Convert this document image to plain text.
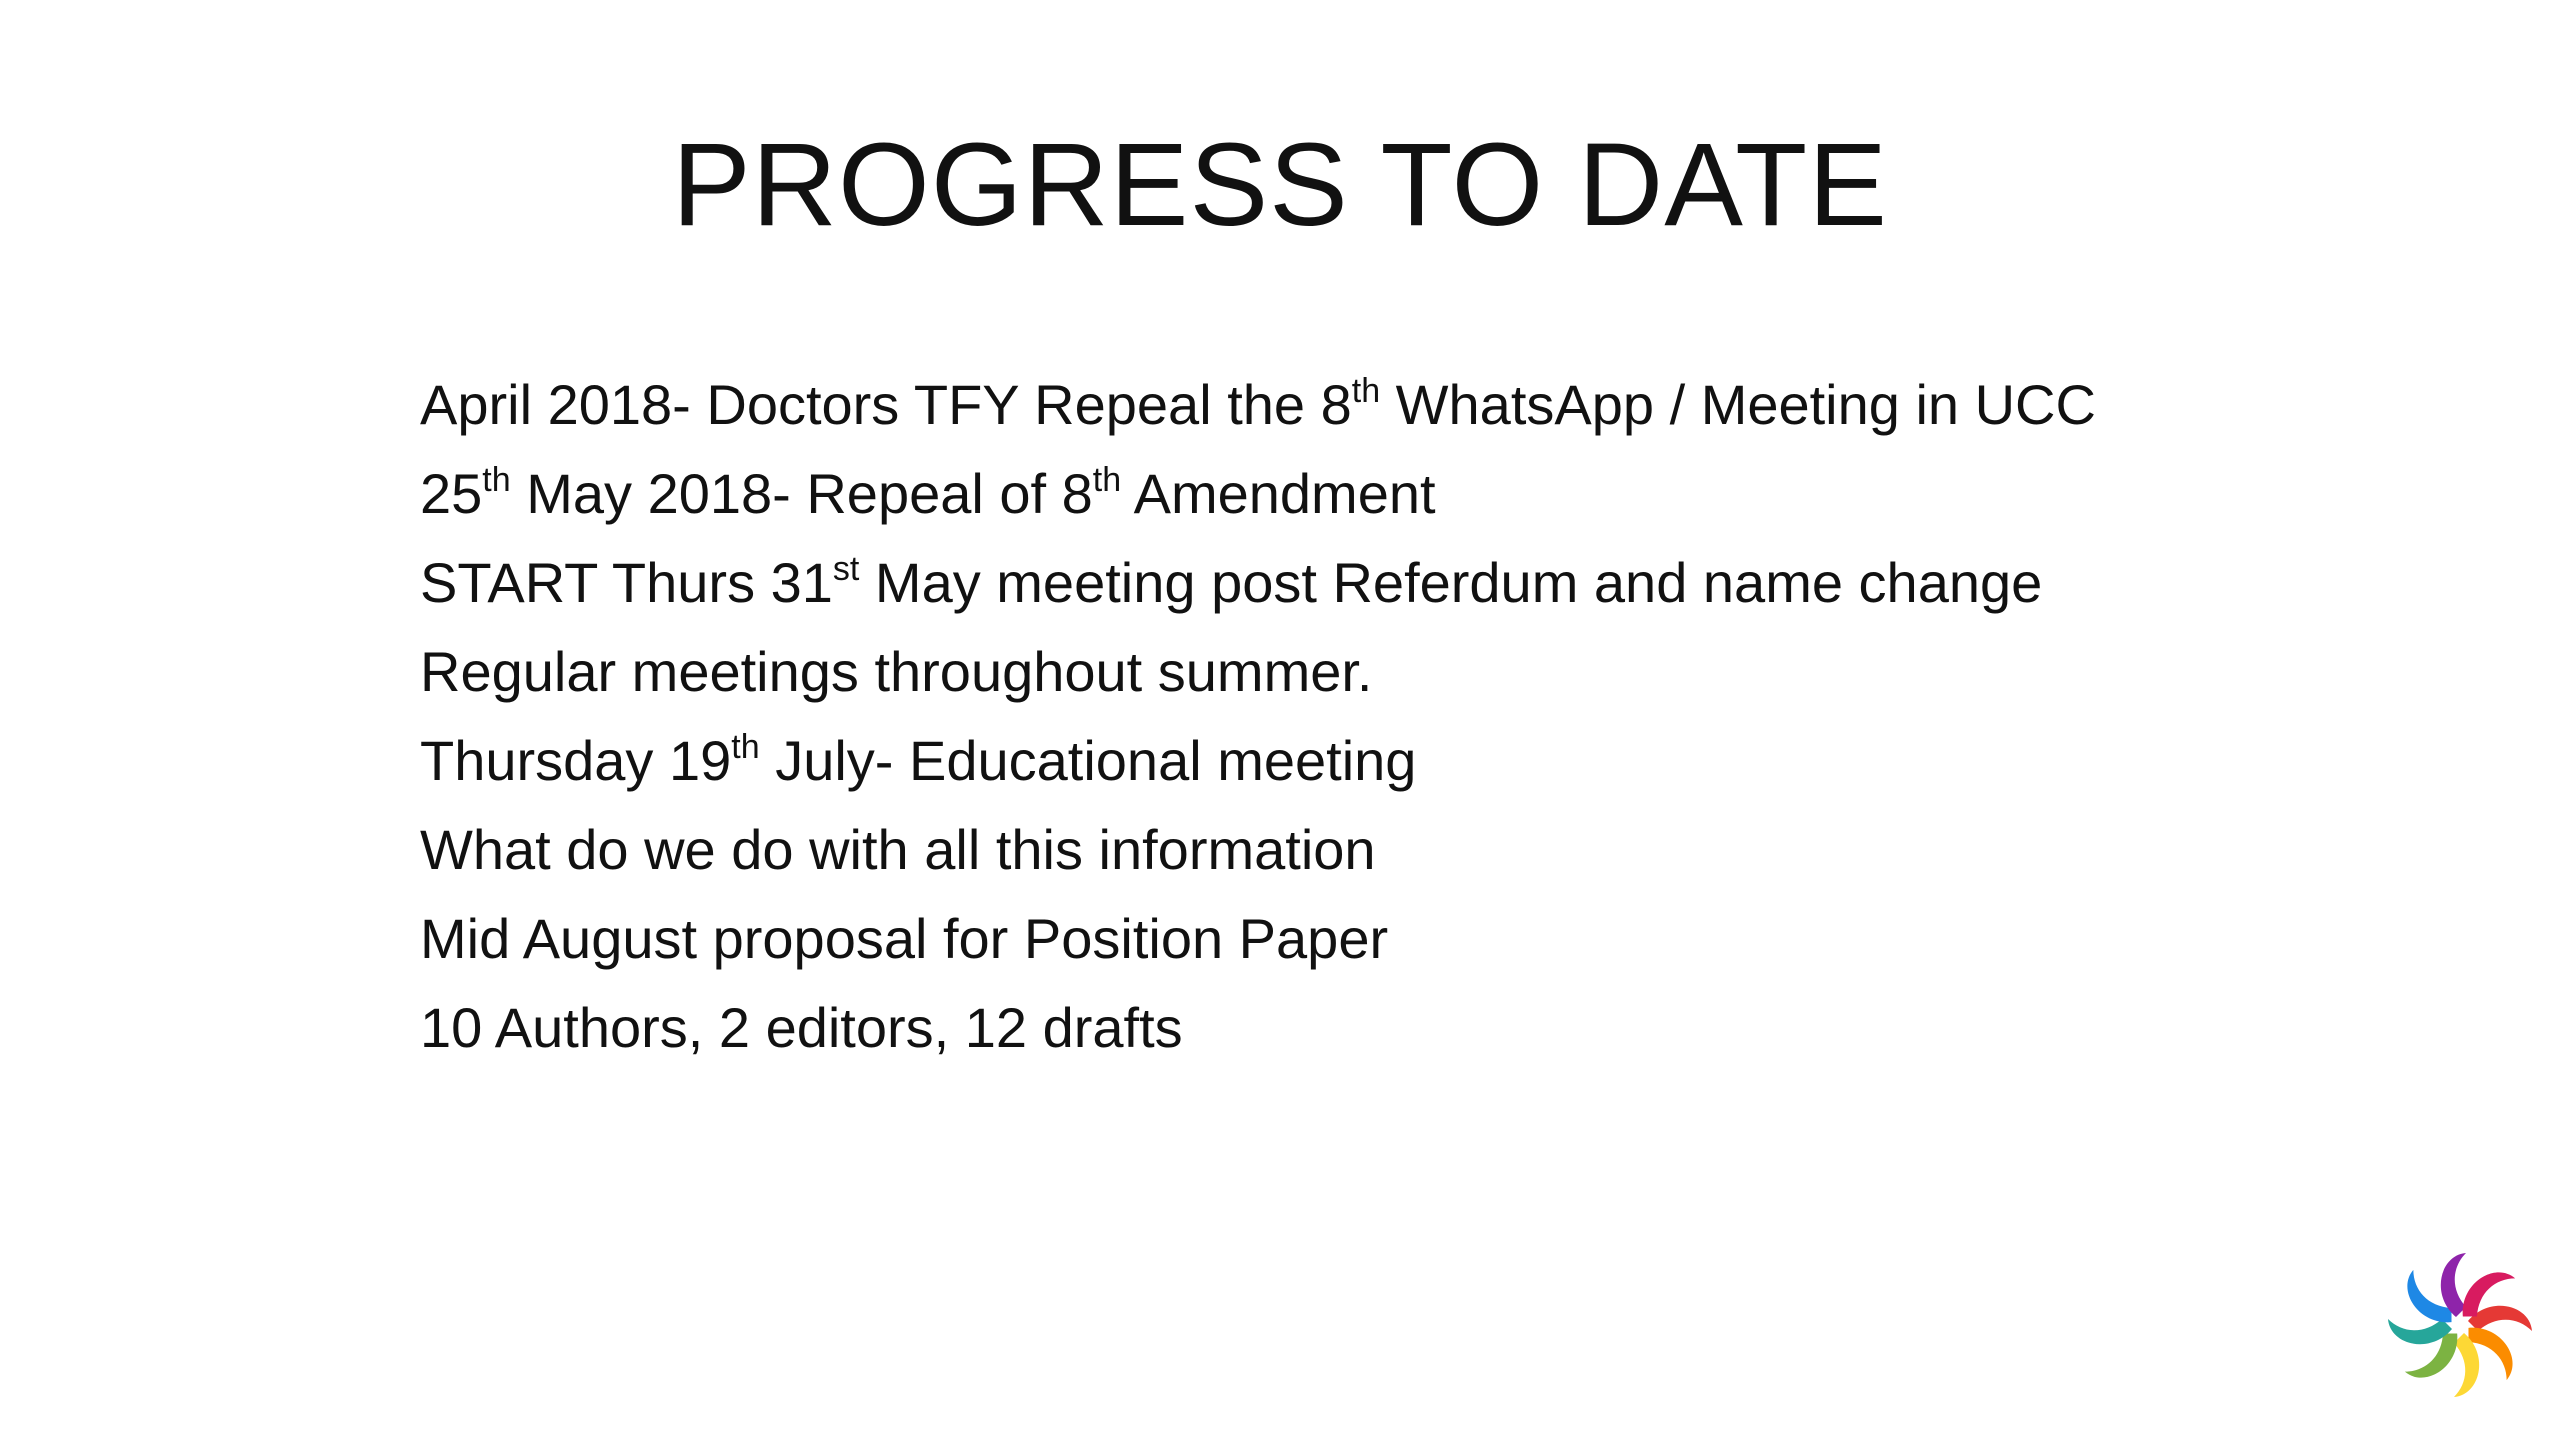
PROGRESS TO DATE
April 2018- Doctors TFY Repeal the 8th WhatsApp / Meeting in UCC
25th May 2018- Repeal of 8th Amendment
START Thurs 31st May meeting post Referdum and name change
Regular meetings throughout summer.
Thursday 19th July- Educational meeting
What do we do with all this information
Mid August proposal for Position Paper
10 Authors, 2 editors, 12 drafts
